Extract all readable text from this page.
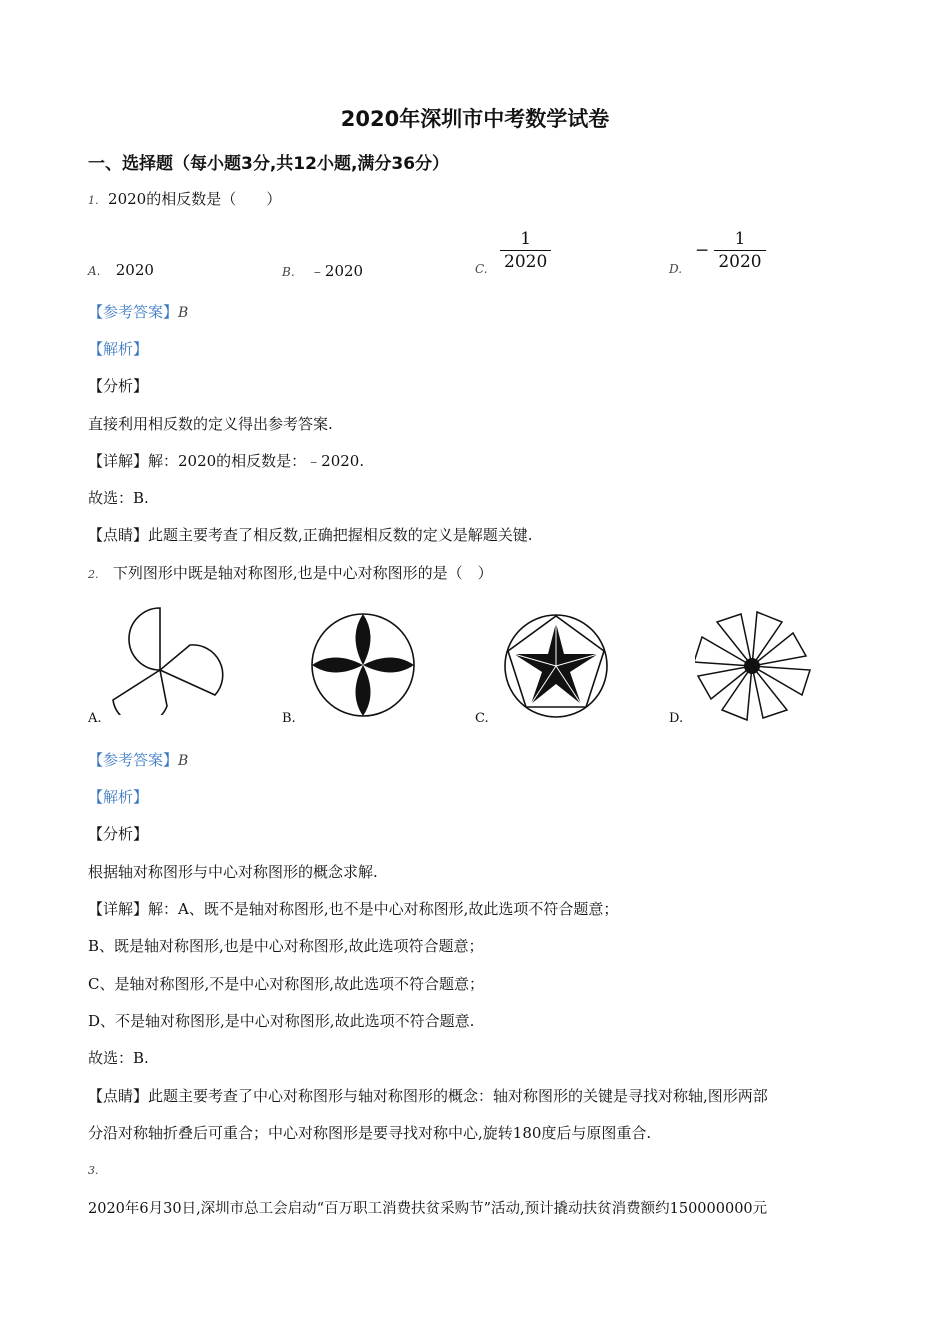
2020年深圳市中考数学试卷
一、选择题（每小题3分,共12小题,满分36分）
1. 2020的相反数是（　　）
A. 2020	B. ﹣2020	C. $\frac{1}{2020}$	D.
− $\frac{1}{2020}$
【参考答案】B
【解析】
【分析】
直接利用相反数的定义得出参考答案.
【详解】解：2020的相反数是：﹣2020.
故选：B.
【点睛】此题主要考查了相反数,正确把握相反数的定义是解题关键.
2. 下列图形中既是轴对称图形,也是中心对称图形的是（　）
A.	B.	C.	D.
【参考答案】B
【解析】
【分析】
根据轴对称图形与中心对称图形的概念求解.
【详解】解：A、既不是轴对称图形,也不是中心对称图形,故此选项不符合题意；
B、既是轴对称图形,也是中心对称图形,故此选项符合题意；
C、是轴对称图形,不是中心对称图形,故此选项不符合题意；
D、不是轴对称图形,是中心对称图形,故此选项不符合题意.
故选：B.
【点睛】此题主要考查了中心对称图形与轴对称图形的概念：轴对称图形的关键是寻找对称轴,图形两部
分沿对称轴折叠后可重合；中心对称图形是要寻找对称中心,旋转180度后与原图重合.
3.
2020年6月30日,深圳市总工会启动“百万职工消费扶贫采购节”活动,预计撬动扶贫消费额约150000000元
